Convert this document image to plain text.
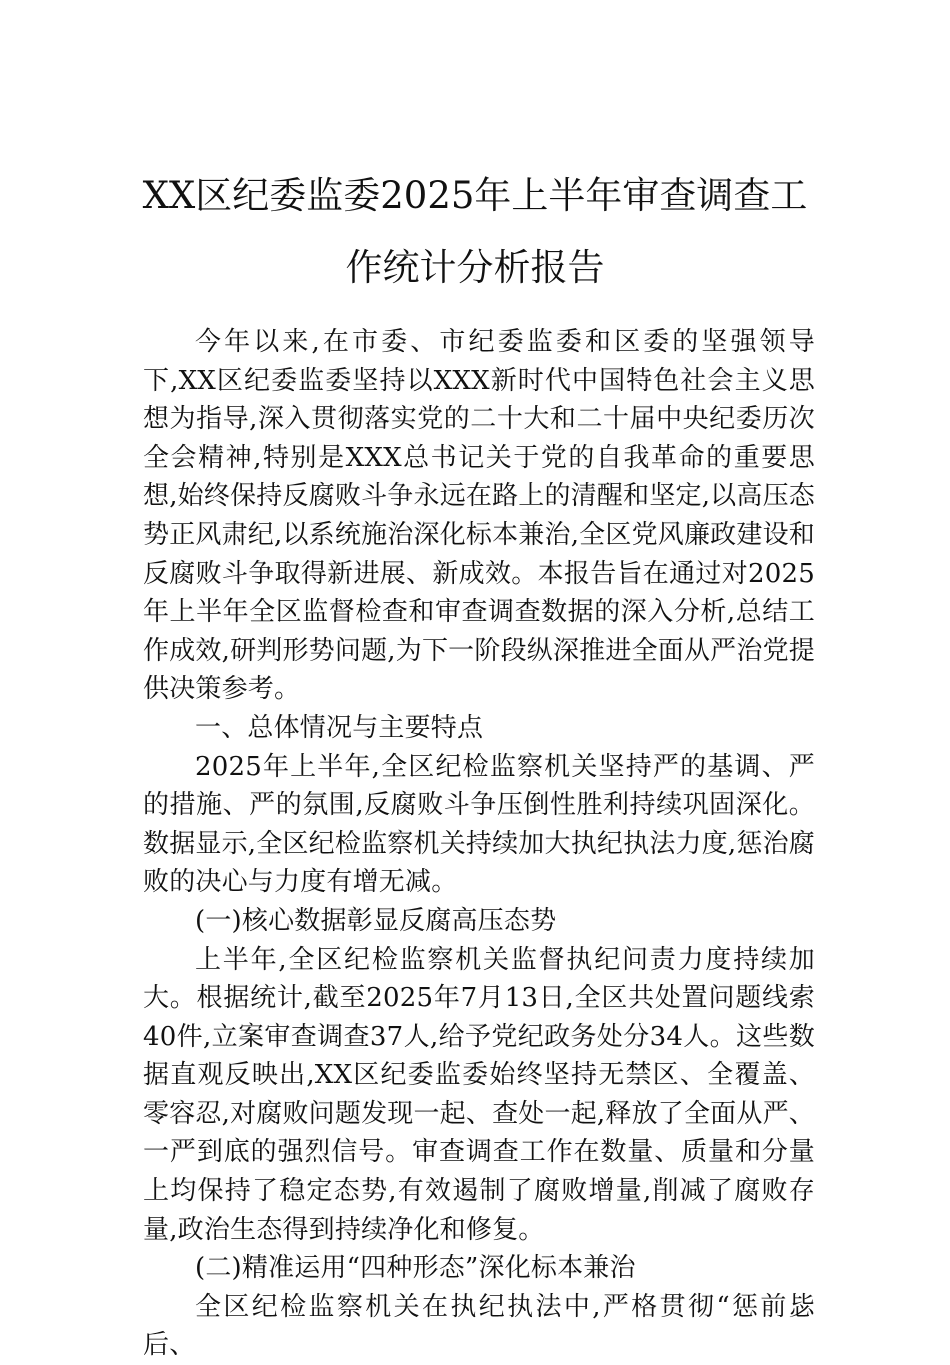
XX区纪委监委2025年上半年审查调查工
作统计分析报告

今年以来,在市委、市纪委监委和区委的坚强领导下,XX区纪委监委坚持以XXX新时代中国特色社会主义思想为指导,深入贯彻落实党的二十大和二十届中央纪委历次全会精神,特别是XXX总书记关于党的自我革命的重要思想,始终保持反腐败斗争永远在路上的清醒和坚定,以高压态势正风肃纪,以系统施治深化标本兼治,全区党风廉政建设和反腐败斗争取得新进展、新成效。本报告旨在通过对2025年上半年全区监督检查和审查调查数据的深入分析,总结工作成效,研判形势问题,为下一阶段纵深推进全面从严治党提供决策参考。

一、总体情况与主要特点

2025年上半年,全区纪检监察机关坚持严的基调、严的措施、严的氛围,反腐败斗争压倒性胜利持续巩固深化。数据显示,全区纪检监察机关持续加大执纪执法力度,惩治腐败的决心与力度有增无减。

(一)核心数据彰显反腐高压态势

上半年,全区纪检监察机关监督执纪问责力度持续加大。根据统计,截至2025年7月13日,全区共处置问题线索40件,立案审查调查37人,给予党纪政务处分34人。这些数据直观反映出,XX区纪委监委始终坚持无禁区、全覆盖、零容忍,对腐败问题发现一起、查处一起,释放了全面从严、一严到底的强烈信号。审查调查工作在数量、质量和分量上均保持了稳定态势,有效遏制了腐败增量,削减了腐败存量,政治生态得到持续净化和修复。

(二)精准运用“四种形态”深化标本兼治

全区纪检监察机关在执纪执法中,严格贯彻“惩前毖后、
